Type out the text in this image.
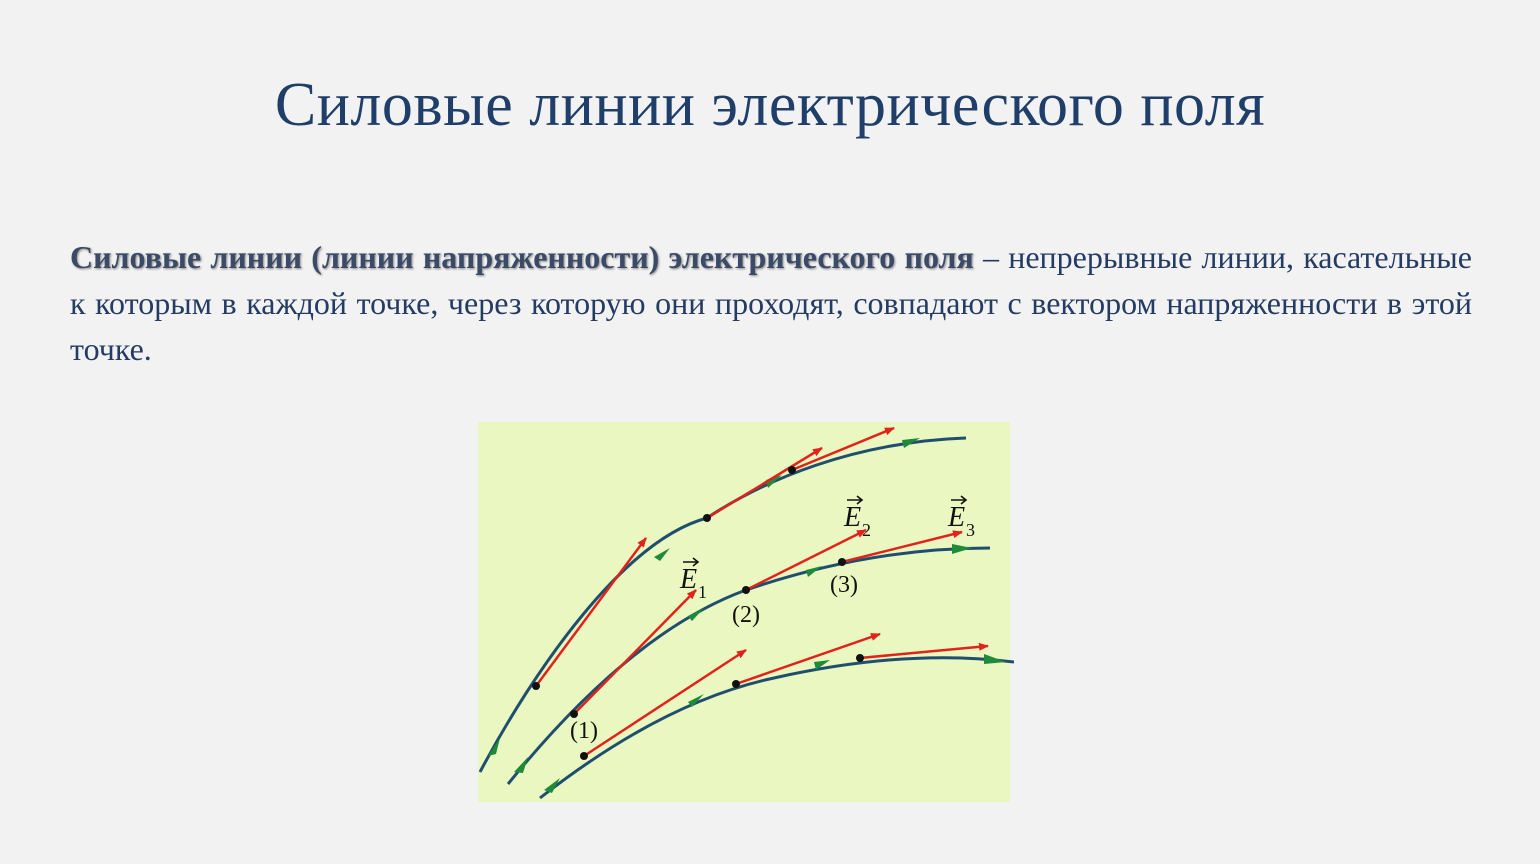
Силовые линии электрического поля

Силовые линии (линии напряженности) электрического поля – непрерывные линии, касательные к которым в каждой точке, через которую они проходят, совпадают с вектором напряженности в этой точке.

(1)
(2)
(3)
E 1
E 2	E 3
